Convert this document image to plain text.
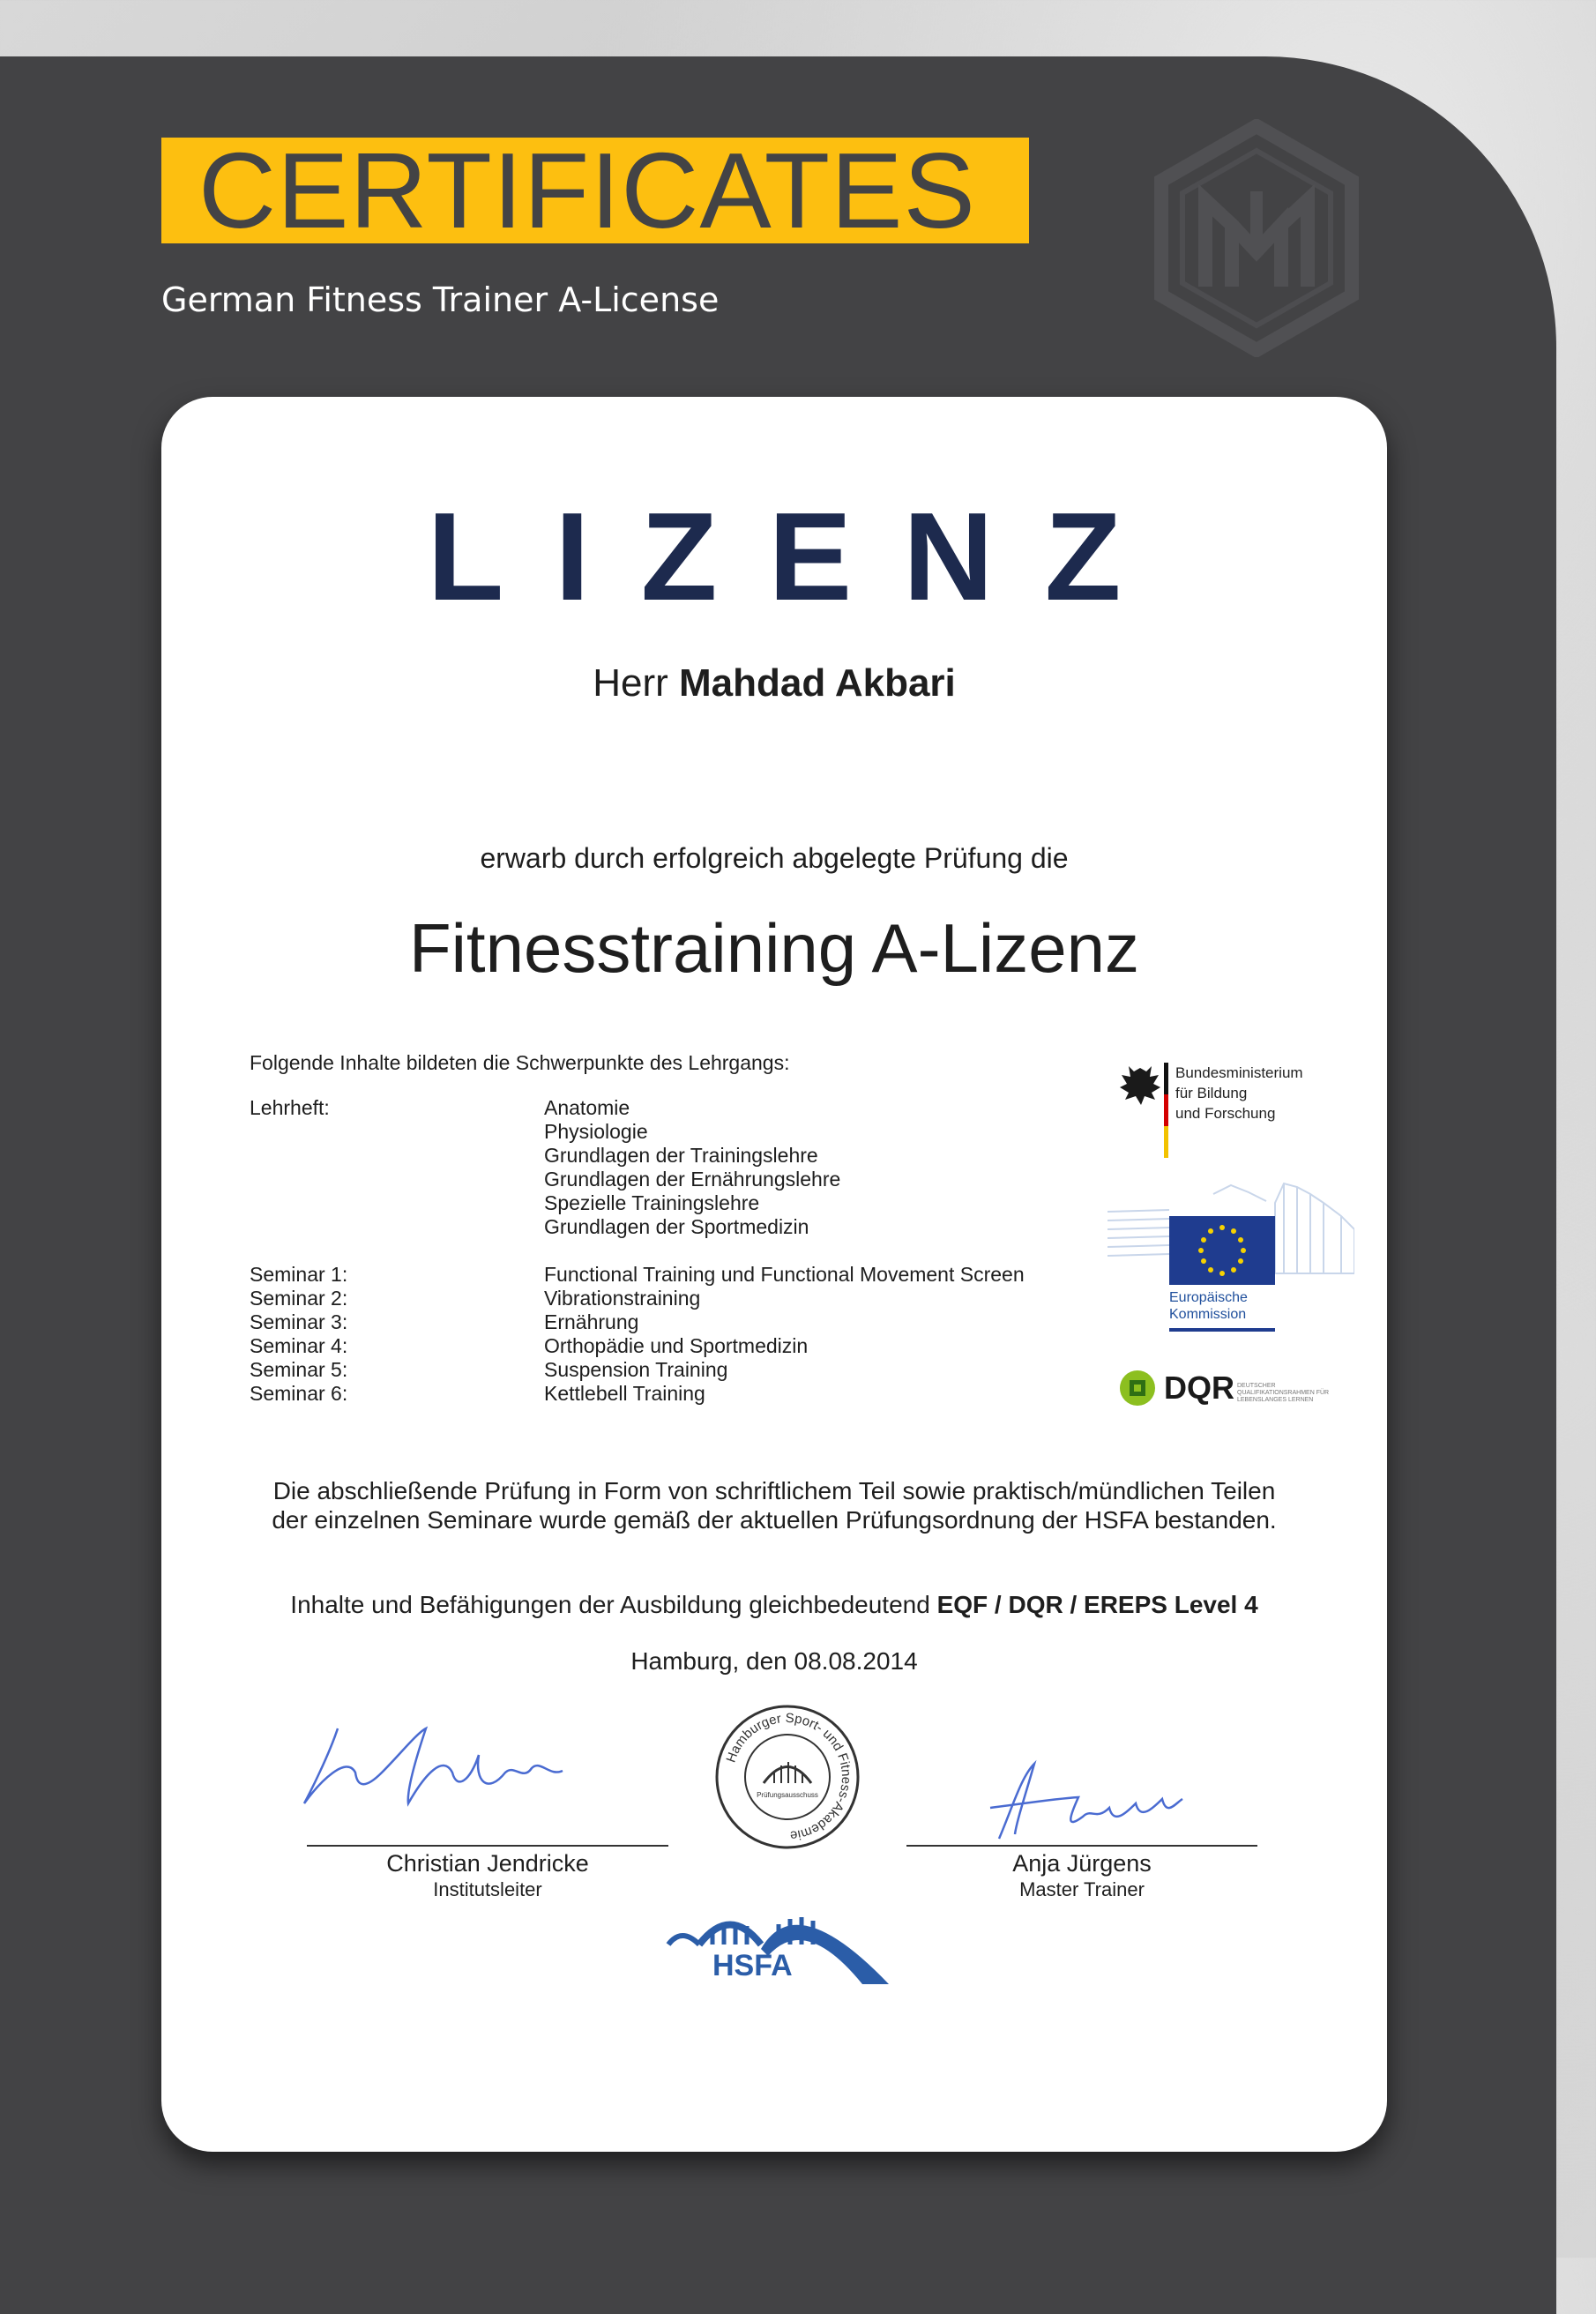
CERTIFICATES
German Fitness Trainer A-License
LIZENZ
Herr Mahdad Akbari
erwarb durch erfolgreich abgelegte Prüfung die
Fitnesstraining A-Lizenz
Folgende Inhalte bildeten die Schwerpunkte des Lehrgangs:
Lehrheft:	Anatomie
Physiologie
Grundlagen der Trainingslehre
Grundlagen der Ernährungslehre
Spezielle Trainingslehre
Grundlagen der Sportmedizin
Seminar 1:	Functional Training und Functional Movement Screen
Seminar 2:	Vibrationstraining
Seminar 3:	Ernährung
Seminar 4:	Orthopädie und Sportmedizin
Seminar 5:	Suspension Training
Seminar 6:	Kettlebell Training
Bundesministerium
für Bildung
und Forschung
Europäische
Kommission
DQR DEUTSCHER QUALIFIKATIONSRAHMEN FÜR LEBENSLANGES LERNEN
Die abschließende Prüfung in Form von schriftlichem Teil sowie praktisch/mündlichen Teilen
der einzelnen Seminare wurde gemäß der aktuellen Prüfungsordnung der HSFA bestanden.
Inhalte und Befähigungen der Ausbildung gleichbedeutend EQF / DQR / EREPS Level 4
Hamburg, den 08.08.2014
Christian Jendricke
Institutsleiter
Hamburger Sport- und Fitness-Akademie
Prüfungsausschuss
Anja Jürgens
Master Trainer
HSFA
